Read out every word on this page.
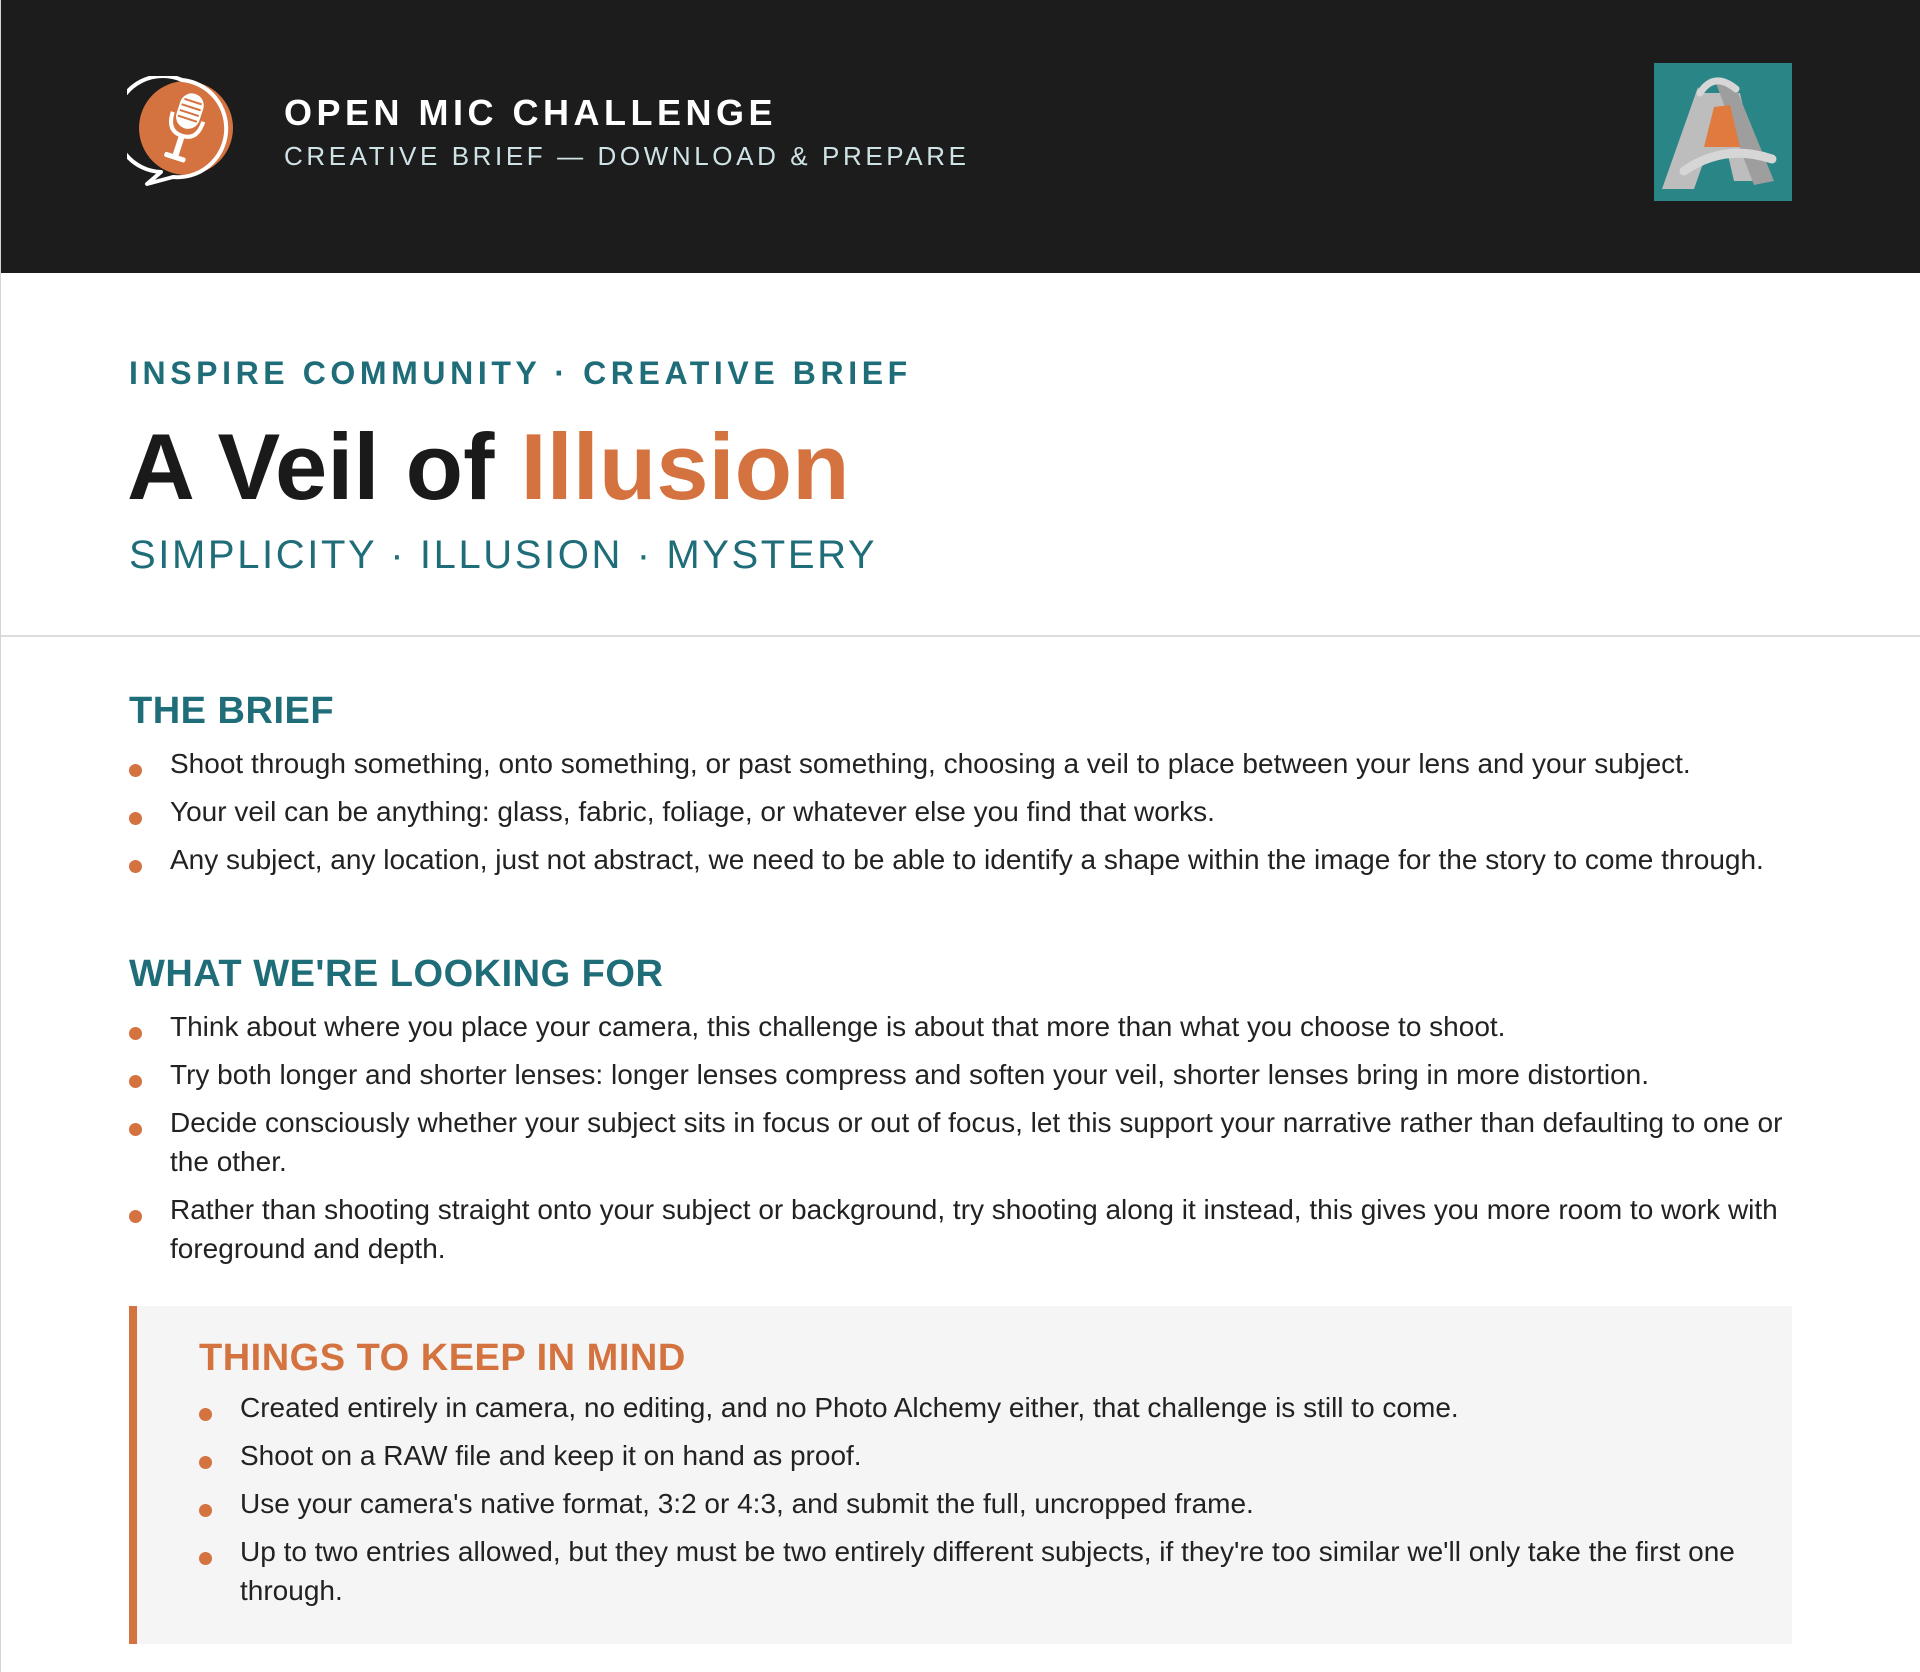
OPEN MIC CHALLENGE
CREATIVE BRIEF — DOWNLOAD & PREPARE
INSPIRE COMMUNITY · CREATIVE BRIEF
A Veil of Illusion
SIMPLICITY · ILLUSION · MYSTERY
THE BRIEF
Shoot through something, onto something, or past something, choosing a veil to place between your lens and your subject.
Your veil can be anything: glass, fabric, foliage, or whatever else you find that works.
Any subject, any location, just not abstract, we need to be able to identify a shape within the image for the story to come through.
WHAT WE'RE LOOKING FOR
Think about where you place your camera, this challenge is about that more than what you choose to shoot.
Try both longer and shorter lenses: longer lenses compress and soften your veil, shorter lenses bring in more distortion.
Decide consciously whether your subject sits in focus or out of focus, let this support your narrative rather than defaulting to one or the other.
Rather than shooting straight onto your subject or background, try shooting along it instead, this gives you more room to work with foreground and depth.
THINGS TO KEEP IN MIND
Created entirely in camera, no editing, and no Photo Alchemy either, that challenge is still to come.
Shoot on a RAW file and keep it on hand as proof.
Use your camera's native format, 3:2 or 4:3, and submit the full, uncropped frame.
Up to two entries allowed, but they must be two entirely different subjects, if they're too similar we'll only take the first one through.
